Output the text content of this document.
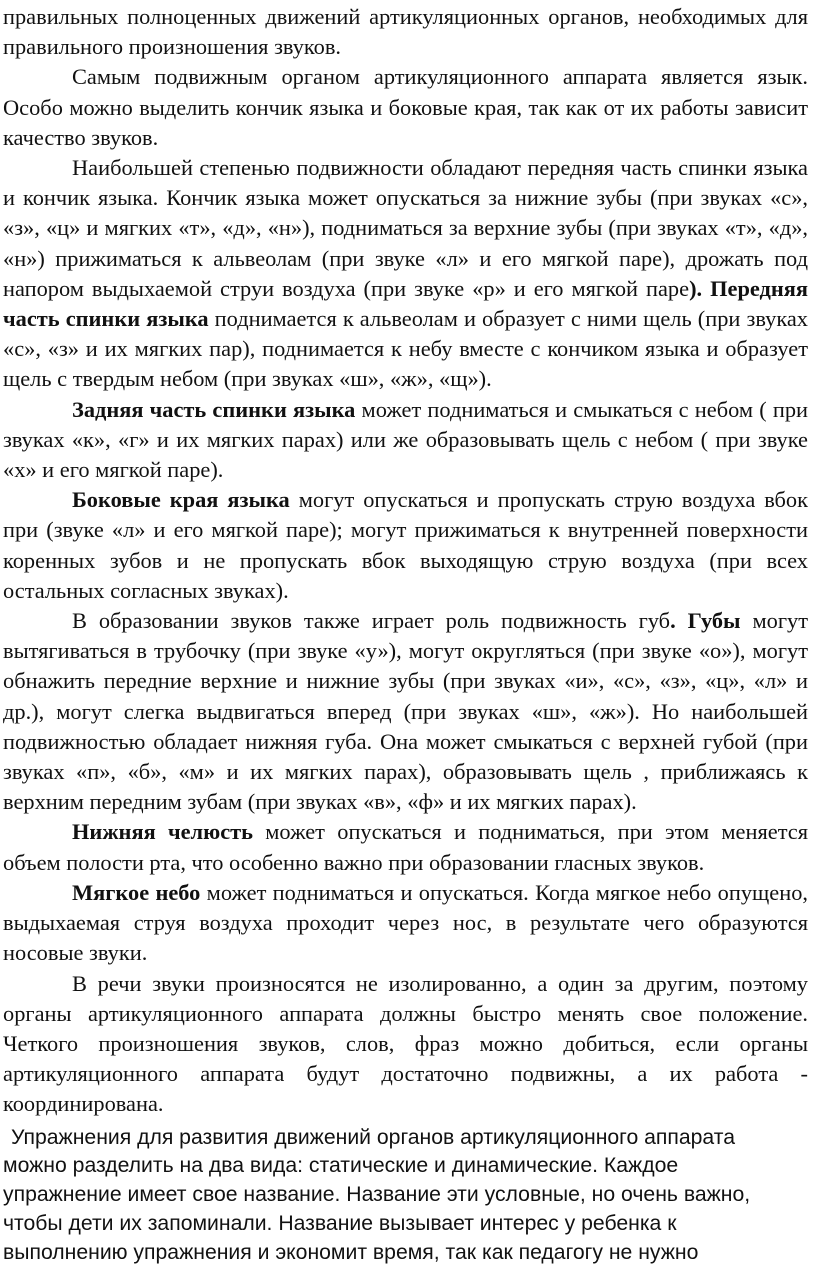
правильных полноценных движений артикуляционных органов, необходимых для правильного произношения звуков.

Самым подвижным органом артикуляционного аппарата является язык. Особо можно выделить кончик языка и боковые края, так как от их работы зависит качество звуков.

Наибольшей степенью подвижности обладают передняя часть спинки языка и кончик языка. Кончик языка может опускаться за нижние зубы (при звуках «с», «з», «ц» и мягких «т», «д», «н»), подниматься за верхние зубы (при звуках «т», «д», «н») прижиматься к альвеолам (при звуке «л» и его мягкой паре), дрожать под напором выдыхаемой струи воздуха (при звуке «р» и его мягкой паре). Передняя часть спинки языка поднимается к альвеолам и образует с ними щель (при звуках «с», «з» и их мягких пар), поднимается к небу вместе с кончиком языка и образует щель с твердым небом (при звуках «ш», «ж», «щ»).

Задняя часть спинки языка может подниматься и смыкаться с небом ( при звуках «к», «г» и их мягких парах) или же образовывать щель с небом ( при звуке «х» и его мягкой паре).

Боковые края языка могут опускаться и пропускать струю воздуха вбок при (звуке «л» и его мягкой паре); могут прижиматься к внутренней поверхности коренных зубов и не пропускать вбок выходящую струю воздуха (при всех остальных согласных звуках).

В образовании звуков также играет роль подвижность губ. Губы могут вытягиваться в трубочку (при звуке «у»), могут округляться (при звуке «о»), могут обнажить передние верхние и нижние зубы (при звуках «и», «с», «з», «ц», «л» и др.), могут слегка выдвигаться вперед (при звуках «ш», «ж»). Но наибольшей подвижностью обладает нижняя губа. Она может смыкаться с верхней губой (при звуках «п», «б», «м» и их мягких парах), образовывать щель , приближаясь к верхним передним зубам (при звуках «в», «ф» и их мягких парах).

Нижняя челюсть может опускаться и подниматься, при этом меняется объем полости рта, что особенно важно при образовании гласных звуков.

Мягкое небо может подниматься и опускаться. Когда мягкое небо опущено, выдыхаемая струя воздуха проходит через нос, в результате чего образуются носовые звуки.

В речи звуки произносятся не изолированно, а один за другим, поэтому органы артикуляционного аппарата должны быстро менять свое положение. Четкого произношения звуков, слов, фраз можно добиться, если органы артикуляционного аппарата будут достаточно подвижны, а их работа - координирована.

Упражнения для развития движений органов артикуляционного аппарата
можно разделить на два вида: статические и динамические. Каждое
упражнение имеет свое название. Название эти условные, но очень важно,
чтобы дети их запоминали. Название вызывает интерес у ребенка к
выполнению упражнения и экономит время, так как педагогу не нужно
